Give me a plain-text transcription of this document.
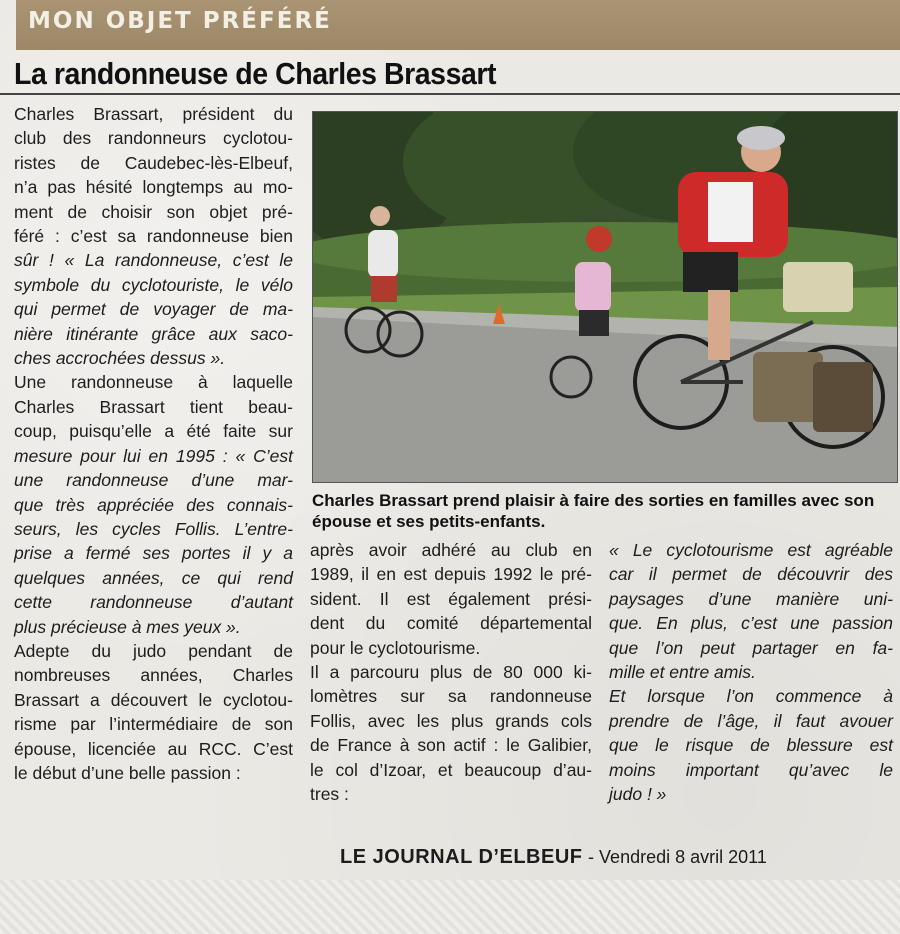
MON OBJET PRÉFÉRÉ
La randonneuse de Charles Brassart
Charles Brassart, président du
club des randonneurs cyclotou-
ristes de Caudebec-lès-Elbeuf,
n’a pas hésité longtemps au mo-
ment de choisir son objet pré-
féré : c’est sa randonneuse bien
sûr ! « La randonneuse, c’est le
symbole du cyclotouriste, le vélo
qui permet de voyager de ma-
nière itinérante grâce aux saco-
ches accrochées dessus ».
Une randonneuse à laquelle
Charles Brassart tient beau-
coup, puisqu’elle a été faite sur
mesure pour lui en 1995 : « C’est
une randonneuse d’une mar-
que très appréciée des connais-
seurs, les cycles Follis. L’entre-
prise a fermé ses portes il y a
quelques années, ce qui rend
cette randonneuse d’autant
plus précieuse à mes yeux ».
Adepte du judo pendant de
nombreuses années, Charles
Brassart a découvert le cyclotou-
risme par l’intermédiaire de son
épouse, licenciée au RCC. C’est
le début d’une belle passion :
Charles Brassart prend plaisir à faire des sorties en familles avec son épouse et ses petits-enfants.
après avoir adhéré au club en
1989, il en est depuis 1992 le pré-
sident. Il est également prési-
dent du comité départemental
pour le cyclotourisme.
Il a parcouru plus de 80 000 ki-
lomètres sur sa randonneuse
Follis, avec les plus grands cols
de France à son actif : le Galibier,
le col d’Izoar, et beaucoup d’au-
tres :
« Le cyclotourisme est agréable
car il permet de découvrir des
paysages d’une manière uni-
que. En plus, c’est une passion
que l’on peut partager en fa-
mille et entre amis.
Et lorsque l’on commence à
prendre de l’âge, il faut avouer
que le risque de blessure est
moins important qu’avec le
judo ! »
LE JOURNAL D’ELBEUF - Vendredi 8 avril 2011
